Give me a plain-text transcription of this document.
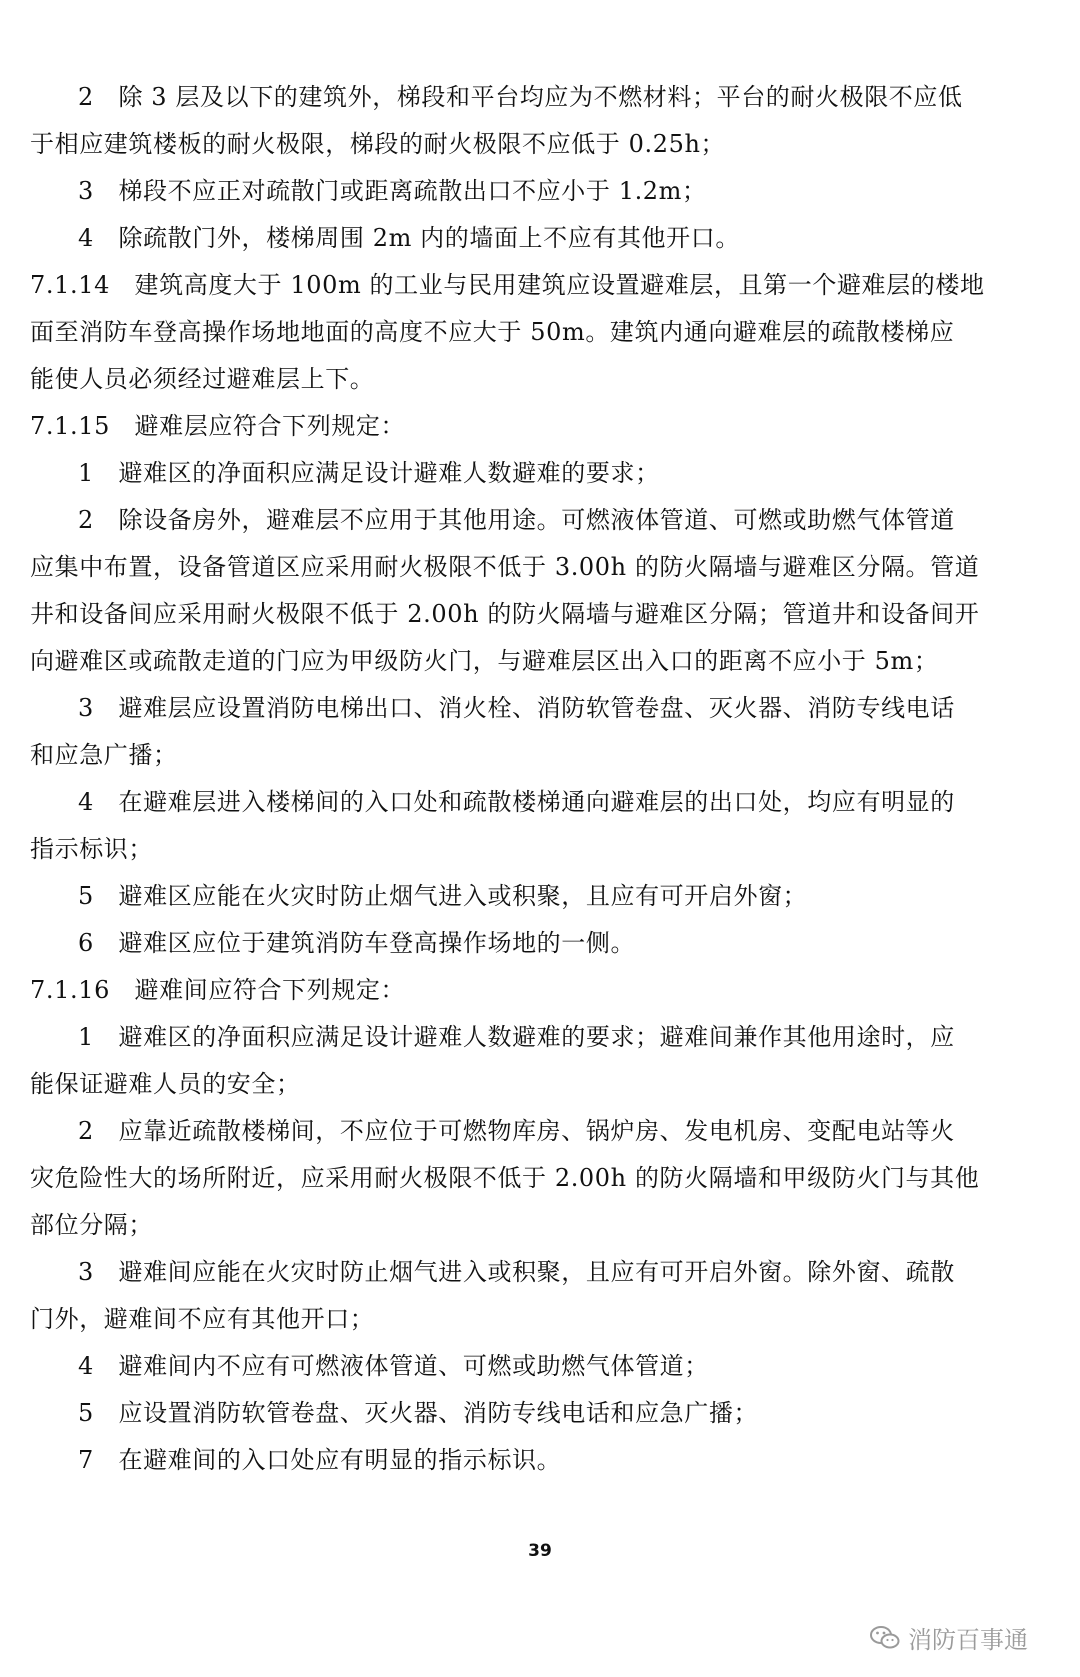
2　除 3 层及以下的建筑外，梯段和平台均应为不燃材料；平台的耐火极限不应低
于相应建筑楼板的耐火极限，梯段的耐火极限不应低于 0.25h；
3　梯段不应正对疏散门或距离疏散出口不应小于 1.2m；
4　除疏散门外，楼梯周围 2m 内的墙面上不应有其他开口。
7.1.14　建筑高度大于 100m 的工业与民用建筑应设置避难层，且第一个避难层的楼地
面至消防车登高操作场地地面的高度不应大于 50m。建筑内通向避难层的疏散楼梯应
能使人员必须经过避难层上下。
7.1.15　避难层应符合下列规定：
1　避难区的净面积应满足设计避难人数避难的要求；
2　除设备房外，避难层不应用于其他用途。可燃液体管道、可燃或助燃气体管道
应集中布置，设备管道区应采用耐火极限不低于 3.00h 的防火隔墙与避难区分隔。管道
井和设备间应采用耐火极限不低于 2.00h 的防火隔墙与避难区分隔；管道井和设备间开
向避难区或疏散走道的门应为甲级防火门，与避难层区出入口的距离不应小于 5m；
3　避难层应设置消防电梯出口、消火栓、消防软管卷盘、灭火器、消防专线电话
和应急广播；
4　在避难层进入楼梯间的入口处和疏散楼梯通向避难层的出口处，均应有明显的
指示标识；
5　避难区应能在火灾时防止烟气进入或积聚，且应有可开启外窗；
6　避难区应位于建筑消防车登高操作场地的一侧。
7.1.16　避难间应符合下列规定：
1　避难区的净面积应满足设计避难人数避难的要求；避难间兼作其他用途时，应
能保证避难人员的安全；
2　应靠近疏散楼梯间，不应位于可燃物库房、锅炉房、发电机房、变配电站等火
灾危险性大的场所附近，应采用耐火极限不低于 2.00h 的防火隔墙和甲级防火门与其他
部位分隔；
3　避难间应能在火灾时防止烟气进入或积聚，且应有可开启外窗。除外窗、疏散
门外，避难间不应有其他开口；
4　避难间内不应有可燃液体管道、可燃或助燃气体管道；
5　应设置消防软管卷盘、灭火器、消防专线电话和应急广播；
7　在避难间的入口处应有明显的指示标识。
39
消防百事通
